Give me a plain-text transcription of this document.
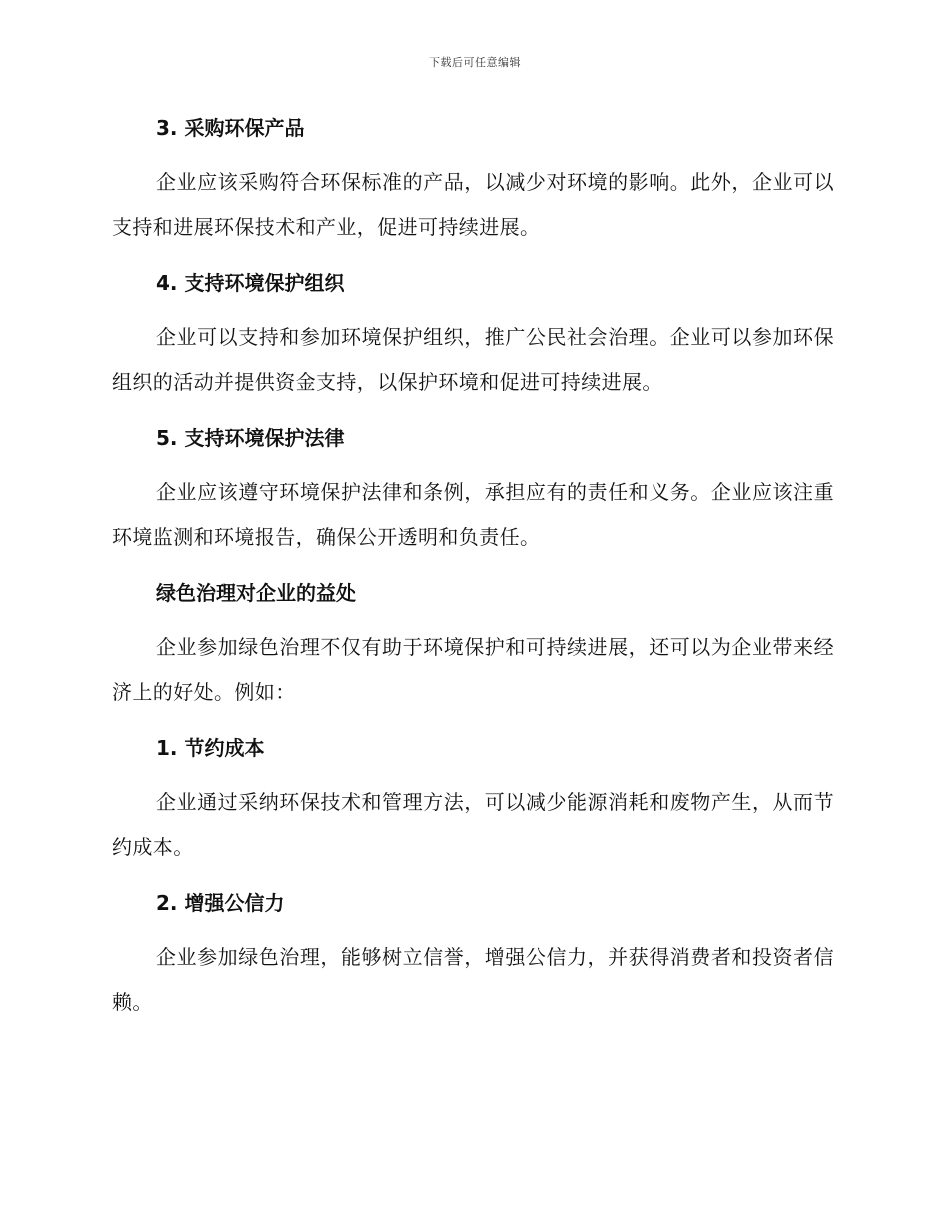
下载后可任意编辑
3. 采购环保产品

企业应该采购符合环保标准的产品，以减少对环境的影响。此外，企业可以支持和进展环保技术和产业，促进可持续进展。

4. 支持环境保护组织

企业可以支持和参加环境保护组织，推广公民社会治理。企业可以参加环保组织的活动并提供资金支持，以保护环境和促进可持续进展。

5. 支持环境保护法律

企业应该遵守环境保护法律和条例，承担应有的责任和义务。企业应该注重环境监测和环境报告，确保公开透明和负责任。

绿色治理对企业的益处

企业参加绿色治理不仅有助于环境保护和可持续进展，还可以为企业带来经济上的好处。例如：

1. 节约成本

企业通过采纳环保技术和管理方法，可以减少能源消耗和废物产生，从而节约成本。

2. 增强公信力

企业参加绿色治理，能够树立信誉，增强公信力，并获得消费者和投资者信赖。
